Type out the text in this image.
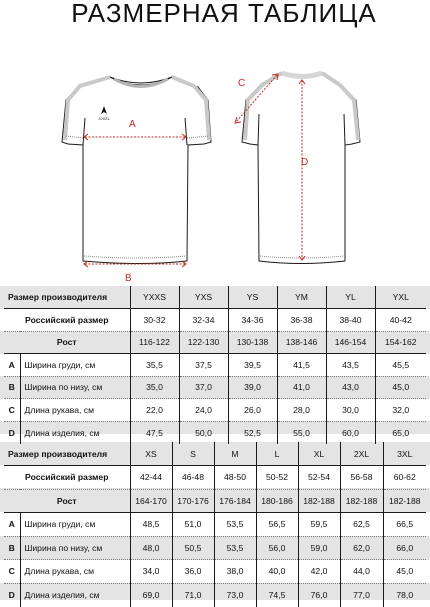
РАЗМЕРНАЯ ТАБЛИЦА
JOGEL A
B
C
D
Размер производителя		YXXS	YXS	YS	YM	YL	YXL
Российский размер		30-32	32-34	34-36	36-38	38-40	40-42
Рост		116-122	122-130	130-138	138-146	146-154	154-162
A	Ширина груди, см	35,5	37,5	39,5	41,5	43,5	45,5
B	Ширина по низу, см	35,0	37,0	39,0	41,0	43,0	45,0
C	Длина рукава, см	22,0	24,0	26,0	28,0	30,0	32,0
D	Длина изделия, см	47,5	50,0	52,5	55,0	60,0	65,0
Размер производителя		XS	S	M	L	XL	2XL	3XL
Российский размер		42-44	46-48	48-50	50-52	52-54	56-58	60-62
Рост		164-170	170-176	176-184	180-186	182-188	182-188	182-188
A	Ширина груди, см	48,5	51,0	53,5	56,5	59,5	62,5	66,5
B	Ширина по низу, см	48,0	50,5	53,5	56,0	59,0	62,0	66,0
C	Длина рукава, см	34,0	36,0	38,0	40,0	42,0	44,0	45,0
D	Длина изделия, см	69,0	71,0	73,0	74,5	76,0	77,0	78,0
